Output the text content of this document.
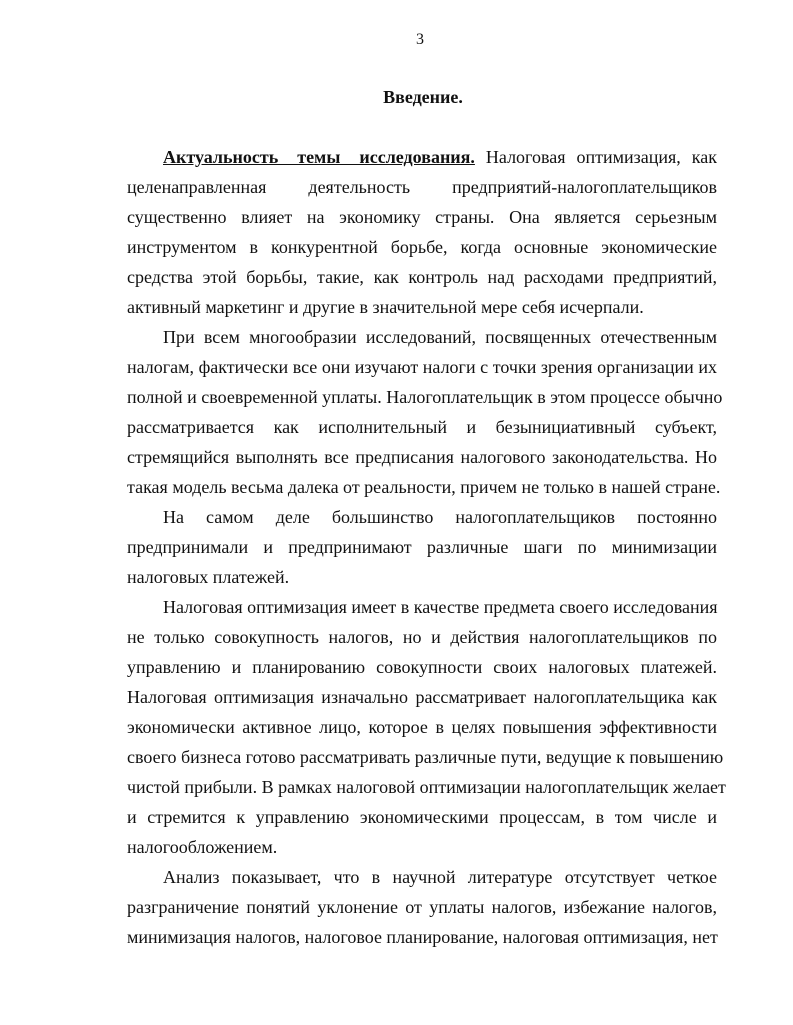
3
Введение.
Актуальность темы исследования. Налоговая оптимизация, как
целенаправленная деятельность предприятий-налогоплательщиков
существенно влияет на экономику страны. Она является серьезным
инструментом в конкурентной борьбе, когда основные экономические
средства этой борьбы, такие, как контроль над расходами предприятий,
активный маркетинг и другие в значительной мере себя исчерпали.
При всем многообразии исследований, посвященных отечественным
налогам, фактически все они изучают налоги с точки зрения организации их
полной и своевременной уплаты. Налогоплательщик в этом процессе обычно
рассматривается как исполнительный и безынициативный субъект,
стремящийся выполнять все предписания налогового законодательства. Но
такая модель весьма далека от реальности, причем не только в нашей стране.
На самом деле большинство налогоплательщиков постоянно
предпринимали и предпринимают различные шаги по минимизации
налоговых платежей.
Налоговая оптимизация имеет в качестве предмета своего исследования
не только совокупность налогов, но и действия налогоплательщиков по
управлению и планированию совокупности своих налоговых платежей.
Налоговая оптимизация изначально рассматривает налогоплательщика как
экономически активное лицо, которое в целях повышения эффективности
своего бизнеса готово рассматривать различные пути, ведущие к повышению
чистой прибыли. В рамках налоговой оптимизации налогоплательщик желает
и стремится к управлению экономическими процессам, в том числе и
налогообложением.
Анализ показывает, что в научной литературе отсутствует четкое
разграничение понятий уклонение от уплаты налогов, избежание налогов,
минимизация налогов, налоговое планирование, налоговая оптимизация, нет
